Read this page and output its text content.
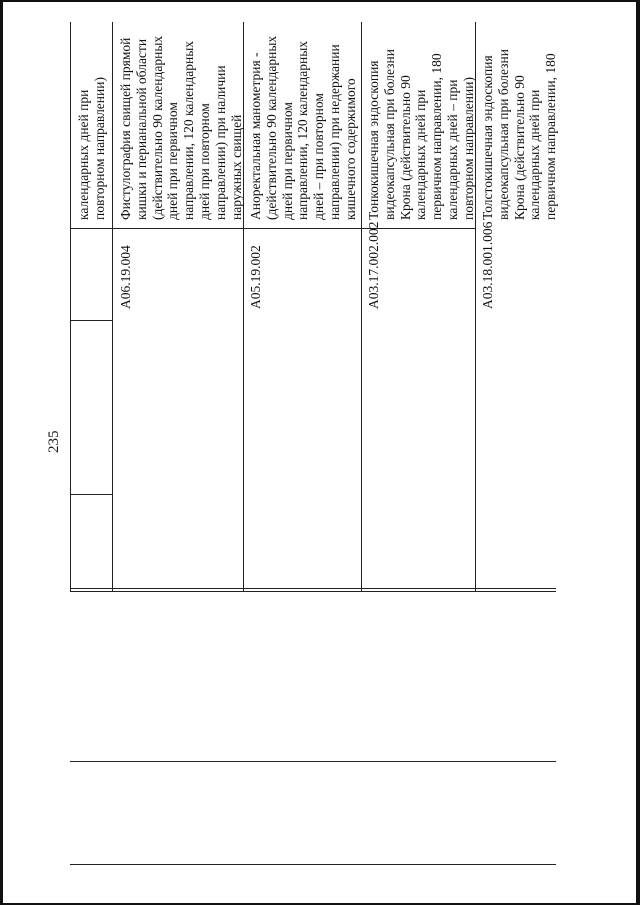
235
календарных дней при
повторном направлении)
A06.19.004
Фистулография свищей прямой
кишки и перианальной области
(действительно 90 календарных
дней при первичном
направлении, 120 календарных
дней при повторном
направлении) при наличии
наружных свищей
A05.19.002
Аноректальная манометрия -
(действительно 90 календарных
дней при первичном
направлении, 120 календарных
дней – при повторном
направлении) при недержании
кишечного содержимого
A03.17.002.002
Тонкокишечная эндоскопия
видеокапсульная при болезни
Крона (действительно 90
календарных дней при
первичном направлении, 180
календарных дней – при
повторном направлении)
A03.18.001.006
Толстокишечная эндоскопия
видеокапсульная при болезни
Крона (действительно 90
календарных дней при
первичном направлении, 180
